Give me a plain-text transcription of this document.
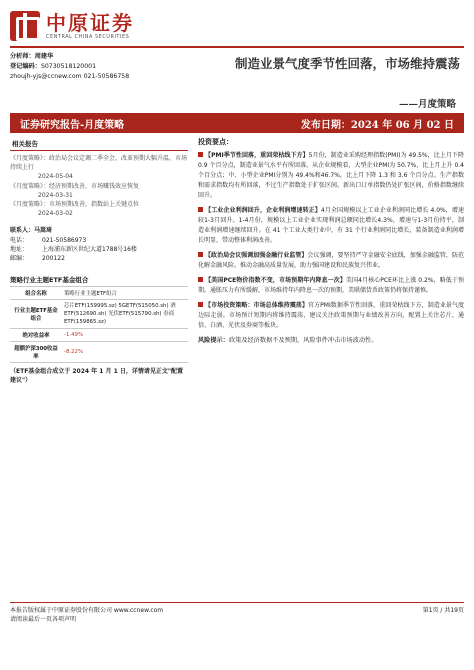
中原证券
CENTRAL CHINA SECURITIES
分析师：周建华
登记编码：S0730518120001
zhoujh-yjs@ccnew.com 021-50586758
制造业景气度季节性回落，市场维持震荡
——月度策略
证券研究报告-月度策略	发布日期：2024 年 06 月 02 日
相关报告
《月度策略》：政治局会议定调二季全会，改革预期大幅升温，市场持续上行
2024-05-04
《月度策略》：经济预期改善，市场赚钱效应恢复
2024-03-31
《月度策略》：市场预期改善，指数站上关键点位
2024-03-02
联系人： 马嵩琦
电话：	021-50586973
地址：	上海浦东新区世纪大道1788号16楼
邮编：	200122
策略行业主题ETF基金组合
组合名称	策略行业主题ETF组合
行业主题ETF基金组合	芯片ETF(159995.sz) 5GETF(515050.sh) 酒ETF(512690.sh) 光伏ETF(515790.sh) 券商ETF(159865.sz)
绝对收益率	-1.49%
超额沪深300收益率	-8.22%
（ETF基金组合成立于 2024 年 1 月 1 日，详情请见正文"配置建议"）
投资要点：
【PMI季节性回落，重回荣枯线下方】5月份，制造业采购经理指数(PMI)为 49.5%，比上月下降 0.9 个百分点，制造业景气水平有所回落。从企业规模看，大型企业PMI为 50.7%，比上月上升 0.4 个百分点；中、小型企业PMI分别为 49.4%和46.7%，比上月下降 1.3 和 3.6 个百分点。生产指数和需求指数均有所回落，不过生产指数处于扩张区间。新出口订单指数仍处扩张区间，价格指数继续回升。
【工业企业利润回升，企业利润增速转正】4月全国规模以上工业企业利润同比增长 4.0%，增速较1-3月回升。1-4月份，规模以上工业企业实现利润总额同比增长4.3%，增速与1-3月份持平，制造业利润增速继续回升。在 41 个工业大类行业中，有 31 个行业利润同比增长，装备制造业利润增长明显，带动整体利润改善。
【政治局会议强调加强金融行业监管】会议强调，要坚持严守金融安全底线，加强金融监管，防范化解金融风险。推动金融高质量发展，助力强国建设和民族复兴伟业。
【美国PCE物价指数不变，市场预期年内降息一次】美国4月核心PCE环比上涨 0.2%，略低于预期。通胀压力有所缓解，市场维持年内降息一次的预期，美联储货币政策仍将保持谨慎。
【市场投资策略：市场总体维持震荡】官方PMI数据季节性回落，重回荣枯线下方，制造业景气度边际走弱。市场预计短期内将维持震荡，建议关注政策预期与业绩改善方向，配置上关注芯片、通信、白酒、光伏及券商等板块。
风险提示：政策及经济数据不及预期，风险事件冲击市场波动性。
本报告版权属于中原证券股份有限公司 www.ccnew.com
请阅读最后一页各项声明
第1页 / 共19页
